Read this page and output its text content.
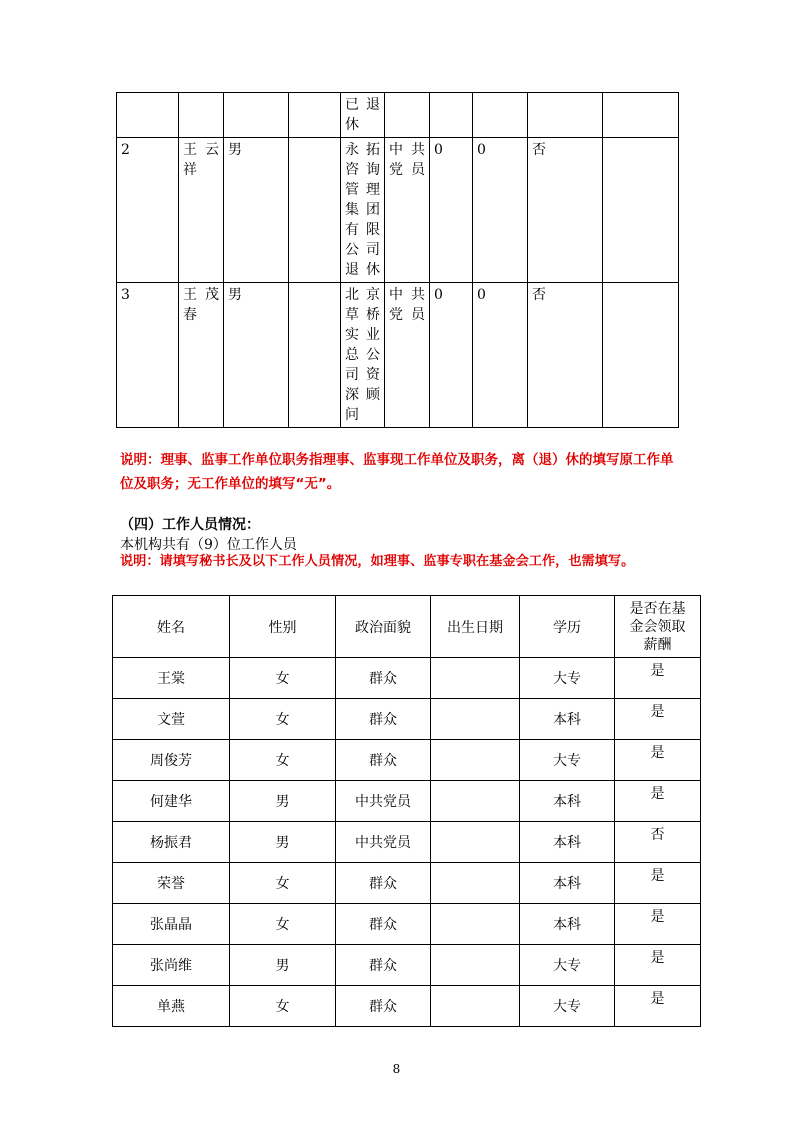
				已退休					
2	王云祥	男		永拓咨询管理集团有限公司退休	中共党员	0	0	否	
3	王茂春	男		北京草桥实业总公司资深顾问	中共党员	0	0	否	
说明：理事、监事工作单位职务指理事、监事现工作单位及职务，离（退）休的填写原工作单位及职务；无工作单位的填写“无”。
（四）工作人员情况：
本机构共有（9）位工作人员
说明：请填写秘书长及以下工作人员情况，如理事、监事专职在基金会工作，也需填写。
姓名	性别	政治面貌	出生日期	学历	是否在基金会领取薪酬
王棠	女	群众		大专	是
文萱	女	群众		本科	是
周俊芳	女	群众		大专	是
何建华	男	中共党员		本科	是
杨振君	男	中共党员		本科	否
荣誉	女	群众		本科	是
张晶晶	女	群众		本科	是
张尚维	男	群众		大专	是
单燕	女	群众		大专	是
8
